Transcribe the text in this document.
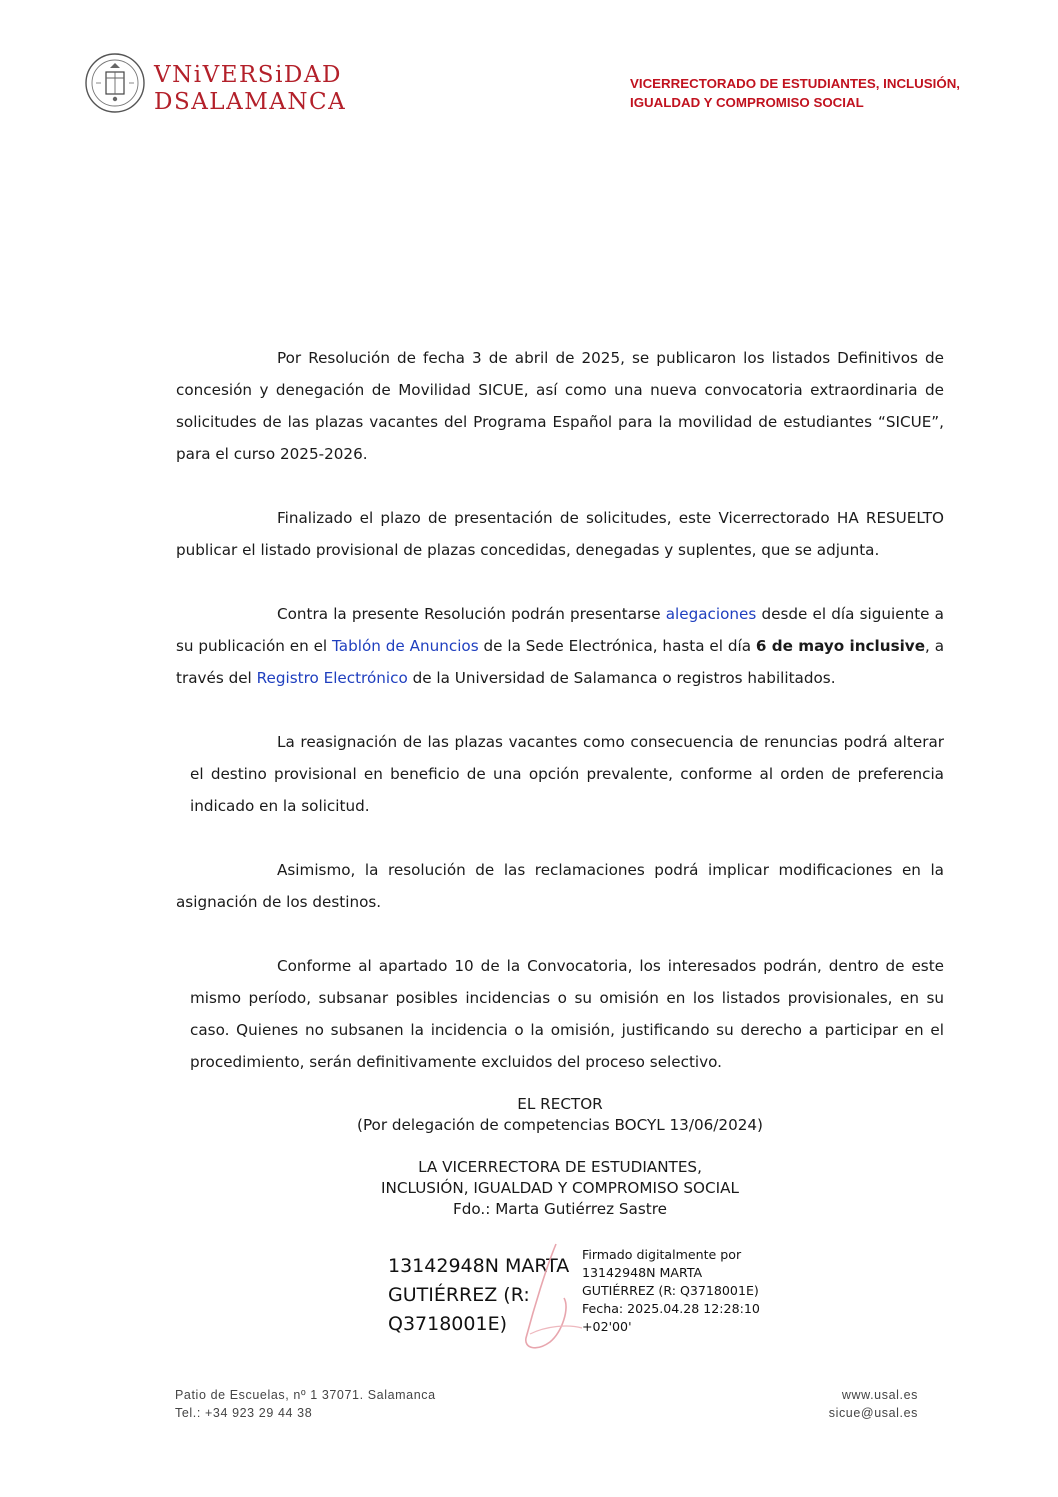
VNiVERSiDAD
DSALAMANCA
VICERRECTORADO DE ESTUDIANTES, INCLUSIÓN,
IGUALDAD Y COMPROMISO SOCIAL

Por Resolución de fecha 3 de abril de 2025, se publicaron los listados Definitivos de concesión y denegación de Movilidad SICUE, así como una nueva convocatoria extraordinaria de solicitudes de las plazas vacantes del Programa Español para la movilidad de estudiantes “SICUE”, para el curso 2025-2026.

Finalizado el plazo de presentación de solicitudes, este Vicerrectorado HA RESUELTO publicar el listado provisional de plazas concedidas, denegadas y suplentes, que se adjunta.

Contra la presente Resolución podrán presentarse alegaciones desde el día siguiente a su publicación en el Tablón de Anuncios de la Sede Electrónica, hasta el día 6 de mayo inclusive, a través del Registro Electrónico de la Universidad de Salamanca o registros habilitados.

La reasignación de las plazas vacantes como consecuencia de renuncias podrá alterar el destino provisional en beneficio de una opción prevalente, conforme al orden de preferencia indicado en la solicitud.

Asimismo, la resolución de las reclamaciones podrá implicar modificaciones en la asignación de los destinos.

Conforme al apartado 10 de la Convocatoria, los interesados podrán, dentro de este mismo período, subsanar posibles incidencias o su omisión en los listados provisionales, en su caso. Quienes no subsanen la incidencia o la omisión, justificando su derecho a participar en el procedimiento, serán definitivamente excluidos del proceso selectivo.

EL RECTOR
(Por delegación de competencias BOCYL 13/06/2024)
LA VICERRECTORA DE ESTUDIANTES,
INCLUSIÓN, IGUALDAD Y COMPROMISO SOCIAL
Fdo.: Marta Gutiérrez Sastre
13142948N MARTA
GUTIÉRREZ (R:
Q3718001E)
Firmado digitalmente por
13142948N MARTA
GUTIÉRREZ (R: Q3718001E)
Fecha: 2025.04.28 12:28:10
+02'00'
Patio de Escuelas, nº 1 37071. Salamanca
Tel.: +34 923 29 44 38
www.usal.es
sicue@usal.es
